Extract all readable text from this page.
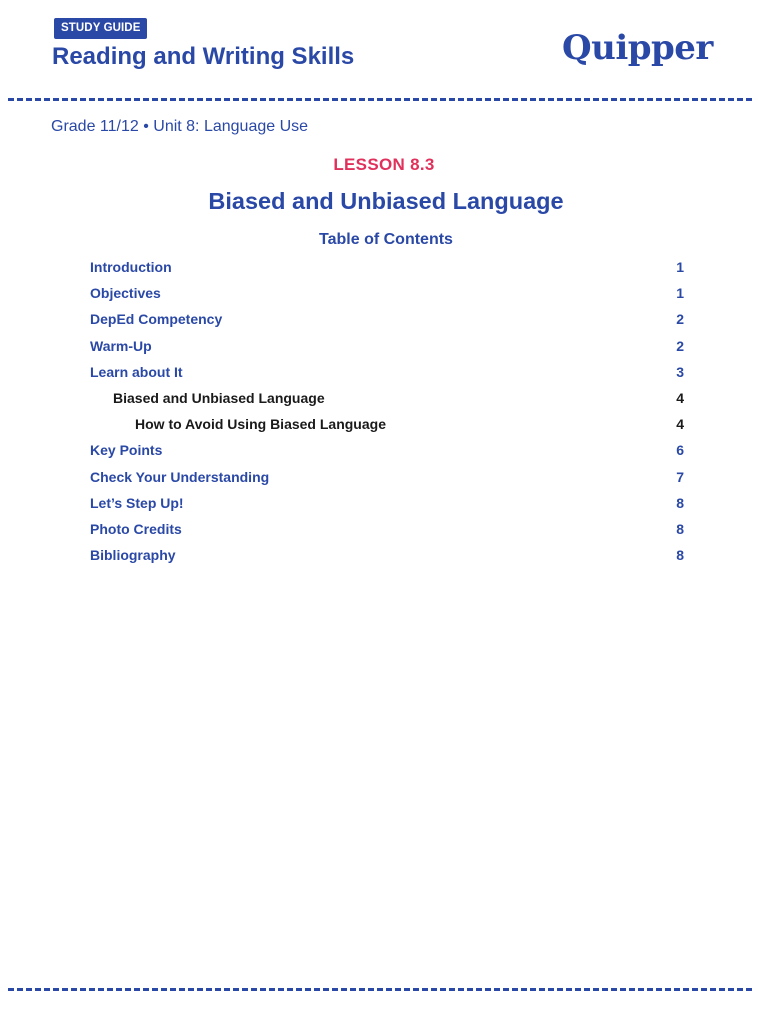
STUDY GUIDE
Reading and Writing Skills	Quipper
Grade 11/12 • Unit 8: Language Use
LESSON 8.3
Biased and Unbiased Language
Table of Contents
Introduction	1
Objectives	1
DepEd Competency	2
Warm-Up	2
Learn about It	3
Biased and Unbiased Language	4
How to Avoid Using Biased Language	4
Key Points	6
Check Your Understanding	7
Let’s Step Up!	8
Photo Credits	8
Bibliography	8
